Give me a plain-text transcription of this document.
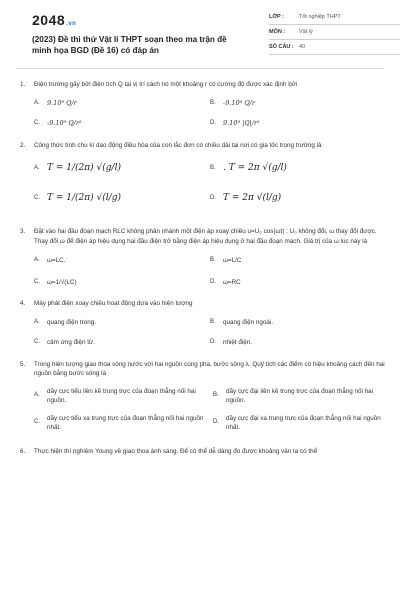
2048.vn
(2023) Đề thi thử Vật lí THPT soạn theo ma trận đề minh họa BGD (Đề 16) có đáp án
LỚP :	Tốt nghiệp THPT
MÔN :	Vật lý
SỐ CÂU : 40
1.	Điện trường gây bởi điện tích Q tại vị trí cách nó một khoảng r có cường độ được xác định bởi
A.	9.10⁹ Q/r	B.	-9.10⁹ Q/r
C.	-9.10⁹ Q/r²	D.	9.10⁹ |Q|/r²
2.	Công thức tính chu kì dao động điều hòa của con lắc đơn có chiều dài tại nơi có gia tốc trọng trường là
A. T = 1/(2π) √(g/l)	B. . T = 2π √(g/l)
C. T = 1/(2π) √(l/g)	D. T = 2π √(l/g)
3.	Đặt vào hai đầu đoạn mạch RLC không phân nhánh một điện áp xoay chiều u=U₀ cos(ωt) ; U₀ không đổi, ω thay đổi được. Thay đổi ω để điện áp hiệu dụng hai đầu điện trở bằng điện áp hiệu dụng ở hai đầu đoạn mạch. Giá trị của ω lúc này là
A.	ω=LC.	B.	ω=L/C
C.	ω=1/√(LC)	D.	ω=RC
4.	Máy phát điện xoay chiều hoạt động dựa vào hiện tượng
A.	quang điện trong.	B.	quang điện ngoài.
C.	cảm ứng điện từ.	D.	nhiệt điện.
5.	Trong hiện tượng giao thoa sóng nước với hai nguồn cùng pha, bước sóng λ. Quỹ tích các điểm có hiệu khoảng cách đến hai nguồn bằng bước sóng là
A.
dãy cực tiểu liền kề trung trực của đoạn thẳng nối hai nguồn.
B.
dãy cực đại liền kề trung trực của đoạn thẳng nối hai nguồn.
C.
dãy cực tiểu xa trung trực của đoạn thẳng nối hai nguồn nhất.
D.
dãy cực đại xa trung trực của đoạn thẳng nối hai nguồn nhất.
6.	Thực hiện thí nghiệm Young về giao thoa ánh sáng. Để có thể dễ dàng đo được khoảng vân ta có thể
